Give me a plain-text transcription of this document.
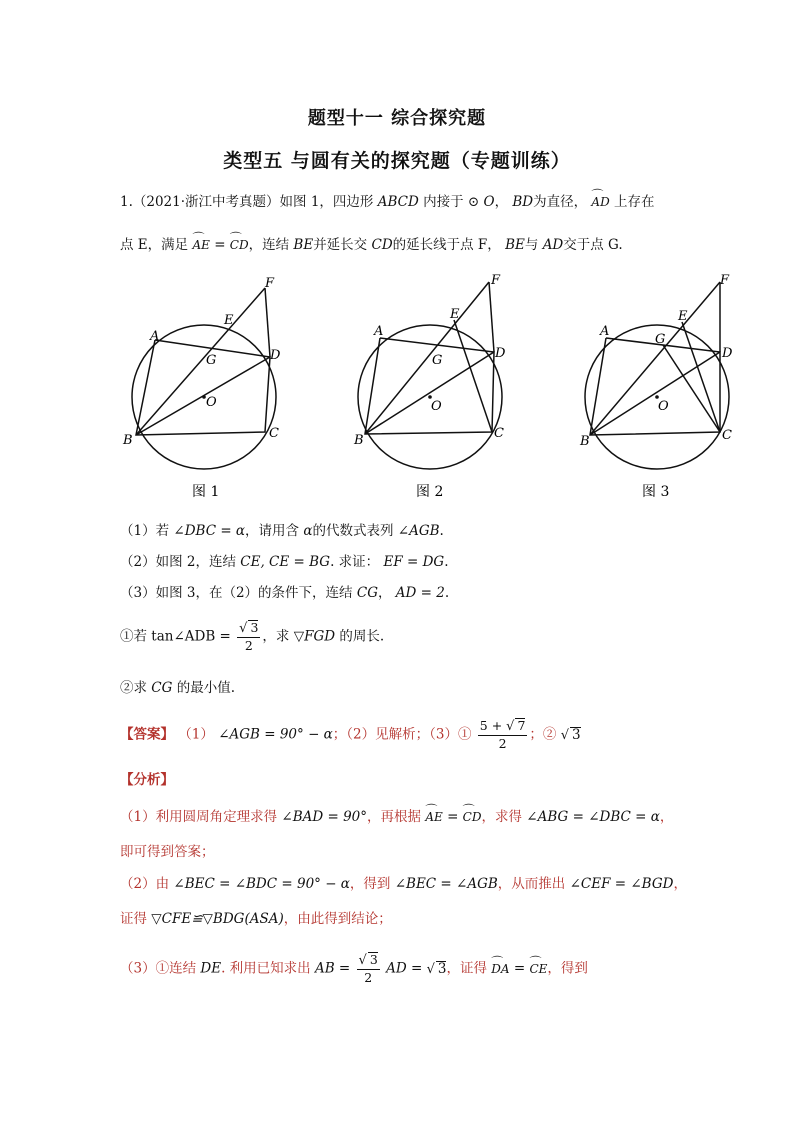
题型十一 综合探究题
类型五 与圆有关的探究题（专题训练）
1.（2021·浙江中考真题）如图 1，四边形 ABCD 内接于 ⊙ O， BD为直径， ⌒ AD 上存在
点 E，满足 ⌒ AE = ⌒ CD，连结 BE并延长交 CD的延长线于点 F， BE与 AD交于点 G.
A
B	C
D
E
F
G
O
图 1
A
B	C
D
E
F
G
O
图 2
A
B	C
D
E
F
G
O
图 3
（1）若 ∠DBC = α，请用含 α的代数式表列 ∠AGB.
（2）如图 2，连结 CE, CE = BG. 求证： EF = DG.
（3）如图 3，在（2）的条件下，连结 CG， AD = 2.
①若 tan∠ADB = $\frac{√ 3}{2}$ ，求 ▽FGD 的周长.
②求 CG 的最小值.
【答案】 （1） ∠AGB = 90° − α；（2）见解析；（3）① $\frac{5 + √ 7}{2}$ ；② √ 3
【分析】
（1）利用圆周角定理求得 ∠BAD = 90°，再根据 ⌒ AE = ⌒ CD，求得 ∠ABG = ∠DBC = α，
即可得到答案；
（2）由 ∠BEC = ∠BDC = 90° − α，得到 ∠BEC = ∠AGB，从而推出 ∠CEF = ∠BGD，
证得 ▽CFE≌▽BDG(ASA)，由此得到结论；
（3）①连结 DE. 利用已知求出 AB = $\frac{√ 3}{2}$ AD = √ 3，证得 ⌒ DA = ⌒ CE，得到
